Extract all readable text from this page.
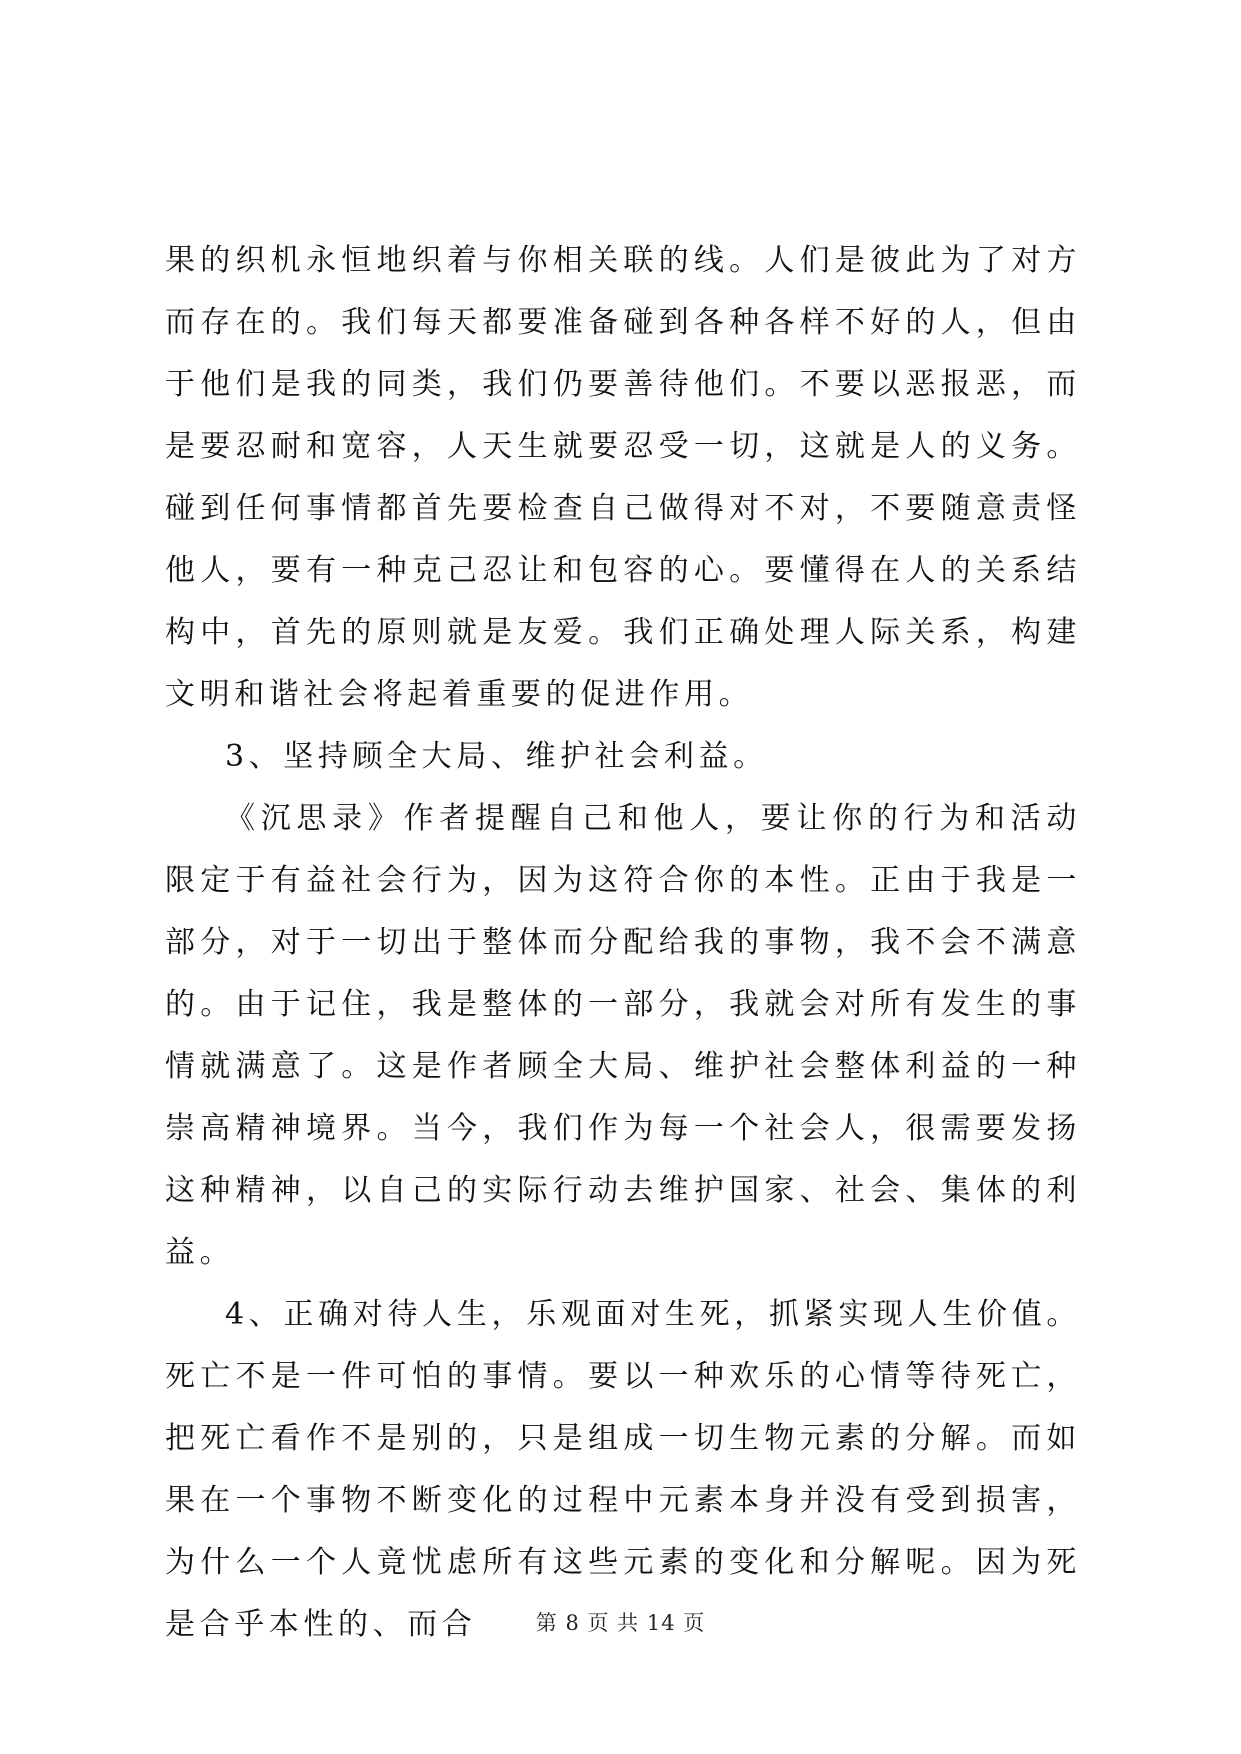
果的织机永恒地织着与你相关联的线。人们是彼此为了对方而存在的。我们每天都要准备碰到各种各样不好的人，但由于他们是我的同类，我们仍要善待他们。不要以恶报恶，而是要忍耐和宽容，人天生就要忍受一切，这就是人的义务。碰到任何事情都首先要检查自己做得对不对，不要随意责怪他人，要有一种克己忍让和包容的心。要懂得在人的关系结构中，首先的原则就是友爱。我们正确处理人际关系，构建文明和谐社会将起着重要的促进作用。

3、坚持顾全大局、维护社会利益。

《沉思录》作者提醒自己和他人，要让你的行为和活动限定于有益社会行为，因为这符合你的本性。正由于我是一部分，对于一切出于整体而分配给我的事物，我不会不满意的。由于记住，我是整体的一部分，我就会对所有发生的事情就满意了。这是作者顾全大局、维护社会整体利益的一种崇高精神境界。当今，我们作为每一个社会人，很需要发扬这种精神，以自己的实际行动去维护国家、社会、集体的利益。

4、正确对待人生，乐观面对生死，抓紧实现人生价值。死亡不是一件可怕的事情。要以一种欢乐的心情等待死亡，把死亡看作不是别的，只是组成一切生物元素的分解。而如果在一个事物不断变化的过程中元素本身并没有受到损害，为什么一个人竟忧虑所有这些元素的变化和分解呢。因为死是合乎本性的、而合	第 8 页 共 14 页
